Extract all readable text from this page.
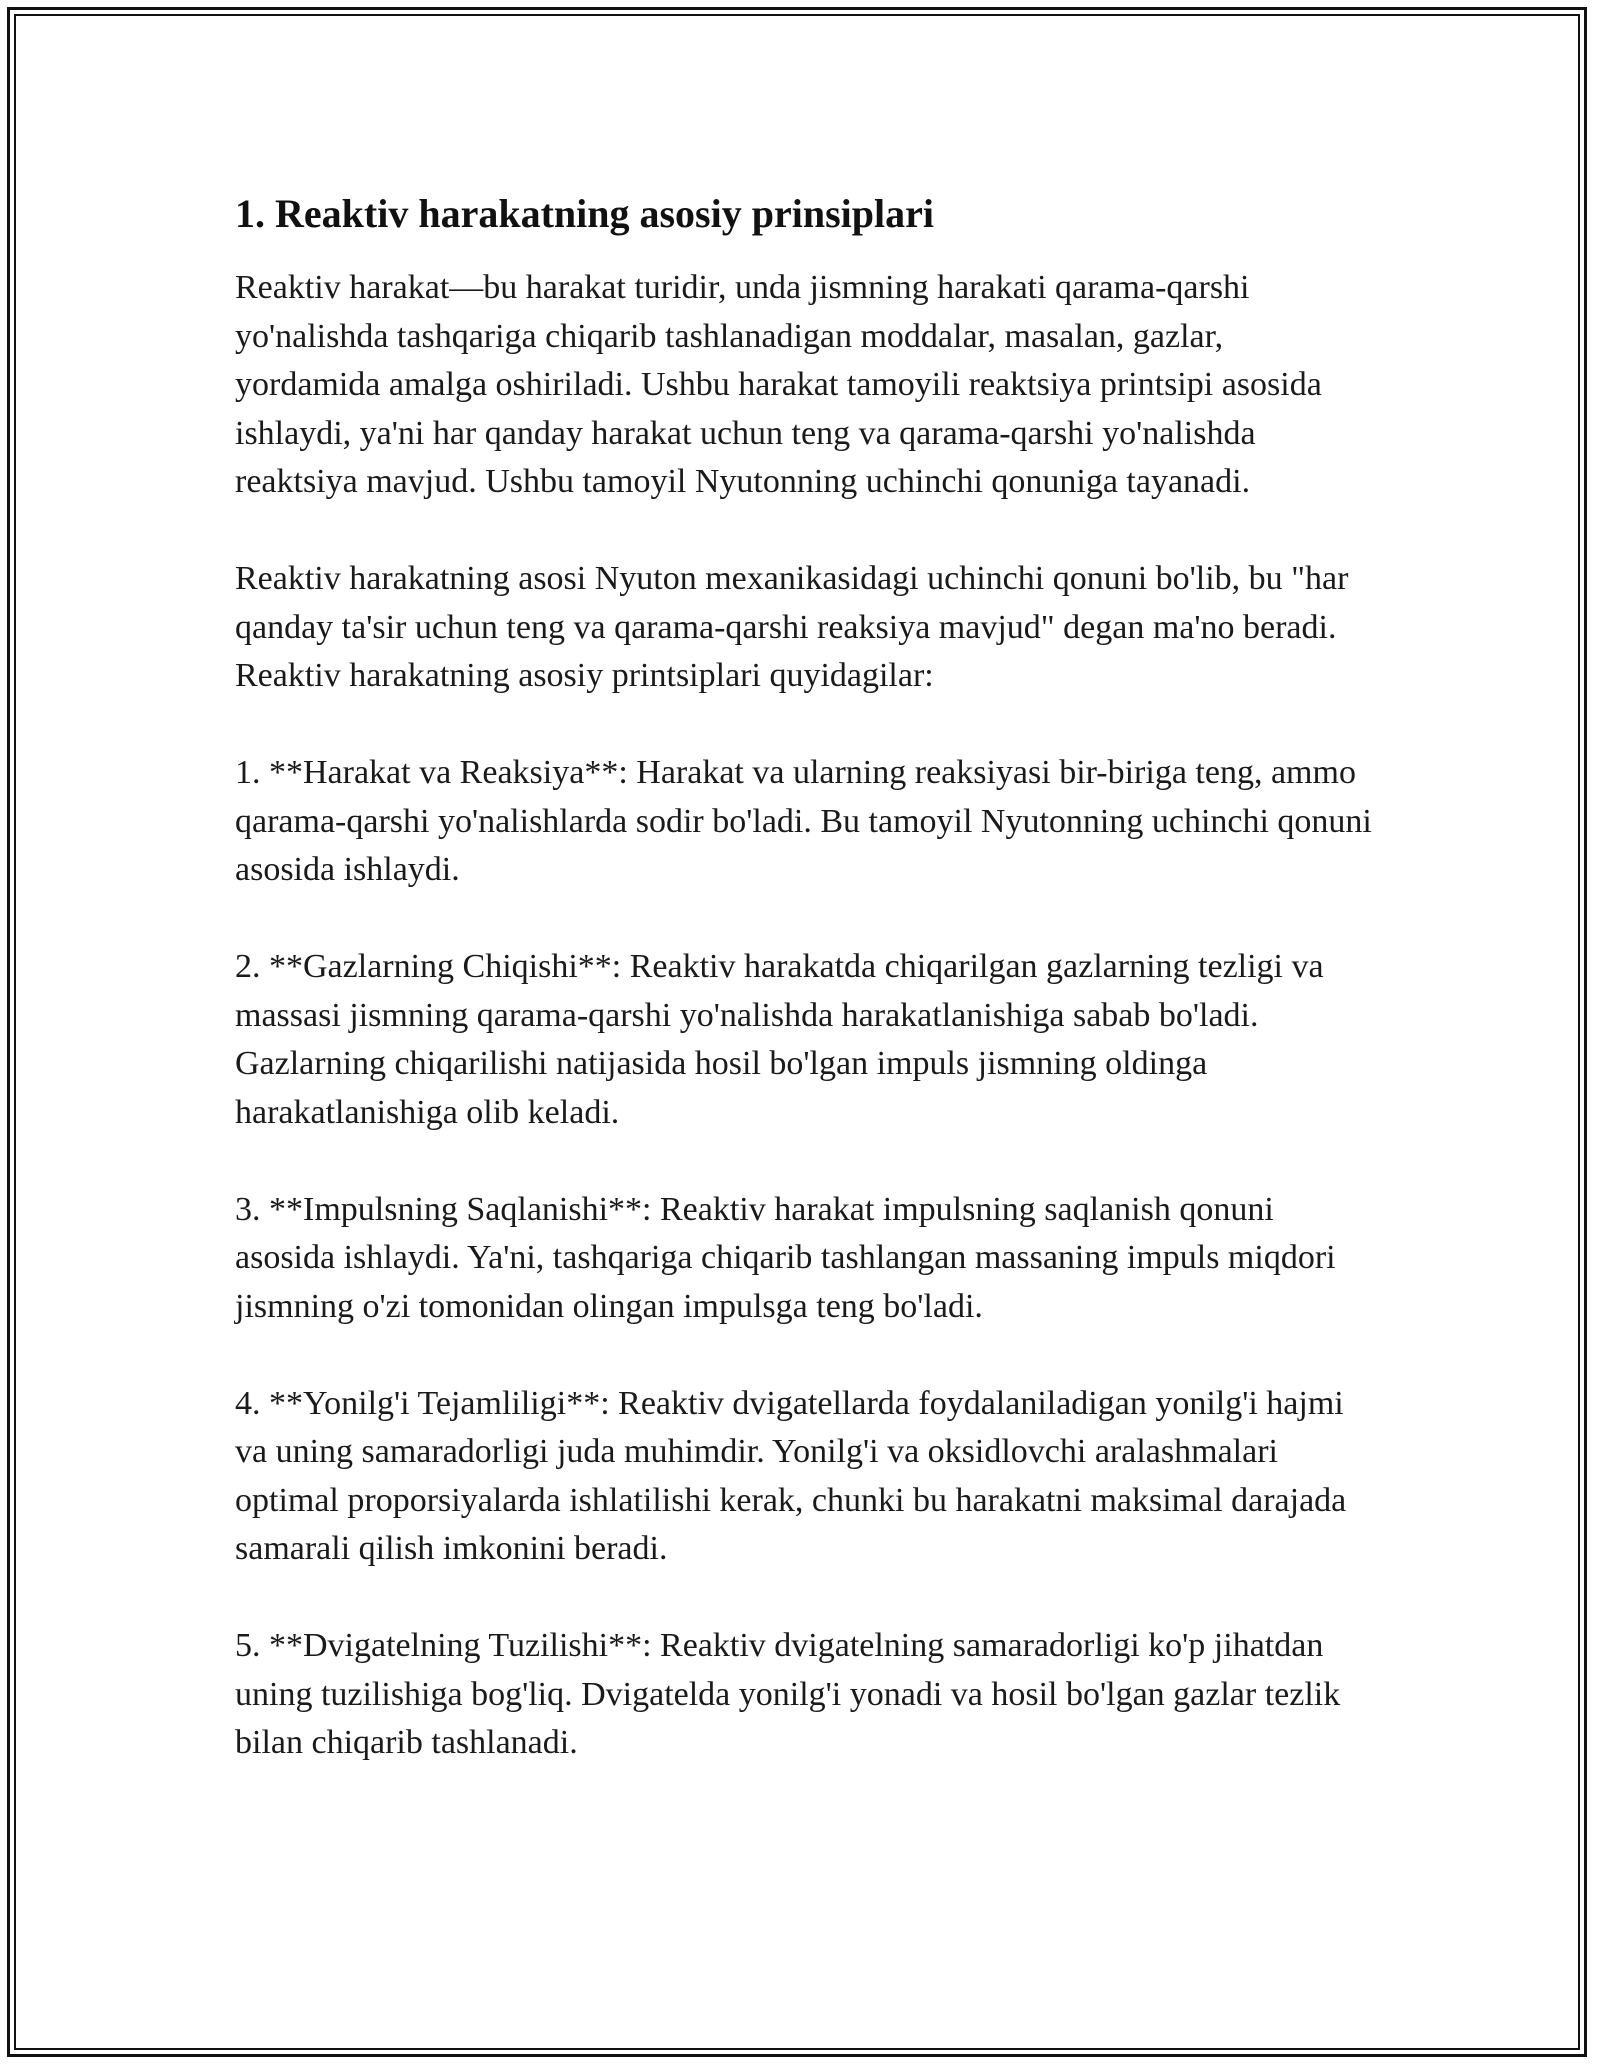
1. Reaktiv harakatning asosiy prinsiplari

Reaktiv harakat—bu harakat turidir, unda jismning harakati qarama-qarshi yo'nalishda tashqariga chiqarib tashlanadigan moddalar, masalan, gazlar, yordamida amalga oshiriladi. Ushbu harakat tamoyili reaktsiya printsipi asosida ishlaydi, ya'ni har qanday harakat uchun teng va qarama-qarshi yo'nalishda reaktsiya mavjud. Ushbu tamoyil Nyutonning uchinchi qonuniga tayanadi.

Reaktiv harakatning asosi Nyuton mexanikasidagi uchinchi qonuni bo'lib, bu "har qanday ta'sir uchun teng va qarama-qarshi reaksiya mavjud" degan ma'no beradi. Reaktiv harakatning asosiy printsiplari quyidagilar:

1. **Harakat va Reaksiya**: Harakat va ularning reaksiyasi bir-biriga teng, ammo qarama-qarshi yo'nalishlarda sodir bo'ladi. Bu tamoyil Nyutonning uchinchi qonuni asosida ishlaydi.

2. **Gazlarning Chiqishi**: Reaktiv harakatda chiqarilgan gazlarning tezligi va massasi jismning qarama-qarshi yo'nalishda harakatlanishiga sabab bo'ladi. Gazlarning chiqarilishi natijasida hosil bo'lgan impuls jismning oldinga harakatlanishiga olib keladi.

3. **Impulsning Saqlanishi**: Reaktiv harakat impulsning saqlanish qonuni asosida ishlaydi. Ya'ni, tashqariga chiqarib tashlangan massaning impuls miqdori jismning o'zi tomonidan olingan impulsga teng bo'ladi.

4. **Yonilg'i Tejamliligi**: Reaktiv dvigatellarda foydalaniladigan yonilg'i hajmi va uning samaradorligi juda muhimdir. Yonilg'i va oksidlovchi aralashmalari optimal proporsiyalarda ishlatilishi kerak, chunki bu harakatni maksimal darajada samarali qilish imkonini beradi.

5. **Dvigatelning Tuzilishi**: Reaktiv dvigatelning samaradorligi ko'p jihatdan uning tuzilishiga bog'liq. Dvigatelda yonilg'i yonadi va hosil bo'lgan gazlar tezlik bilan chiqarib tashlanadi.
